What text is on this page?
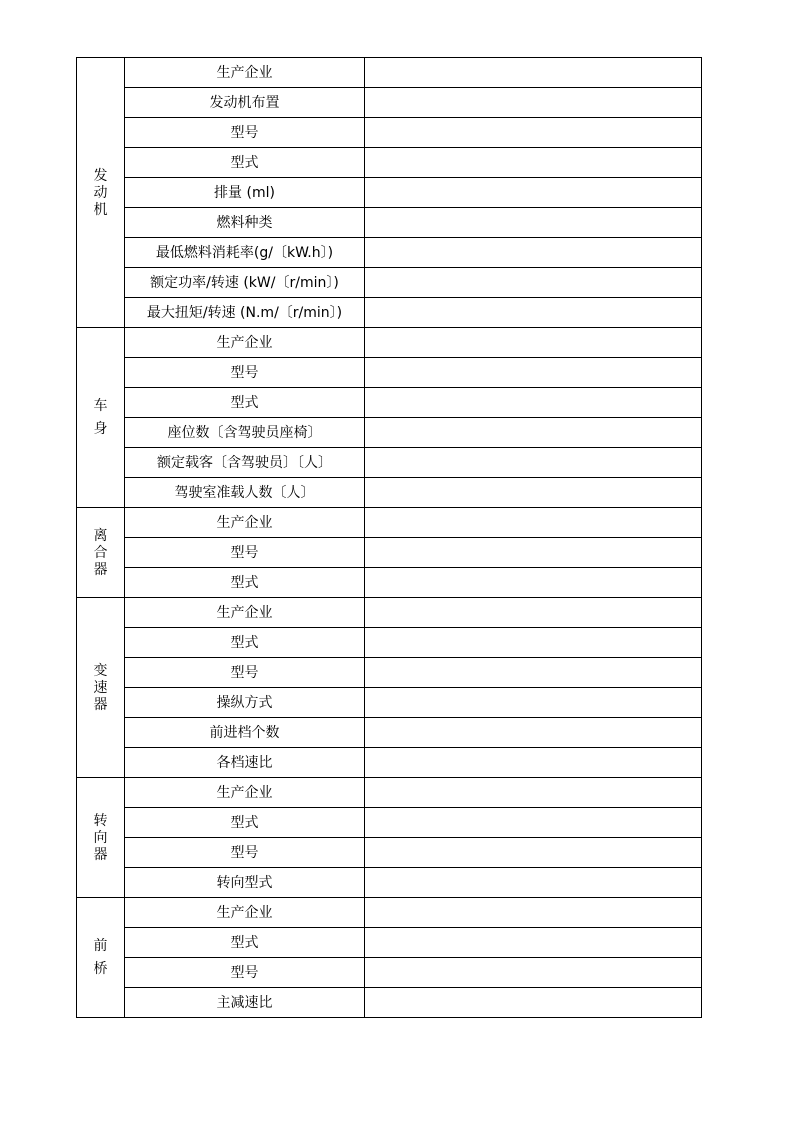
发
动
机	生产企业	
	发动机布置	
	型号	
	型式	
	排量 (ml)	
	燃料种类	
	最低燃料消耗率(g/〔kW.h〕)	
	额定功率/转速 (kW/〔r/min〕)	
	最大扭矩/转速 (N.m/〔r/min〕)	

车
身	生产企业	
	型号	
	型式	
	座位数〔含驾驶员座椅〕	
	额定载客〔含驾驶员〕〔人〕	
	驾驶室准载人数〔人〕	

离
合
器	生产企业	
	型号	
	型式	

变
速
器	生产企业	
	型式	
	型号	
	操纵方式	
	前进档个数	
	各档速比	

转
向
器	生产企业	
	型式	
	型号	
	转向型式	

前
桥	生产企业	
	型式	
	型号	
	主减速比	
